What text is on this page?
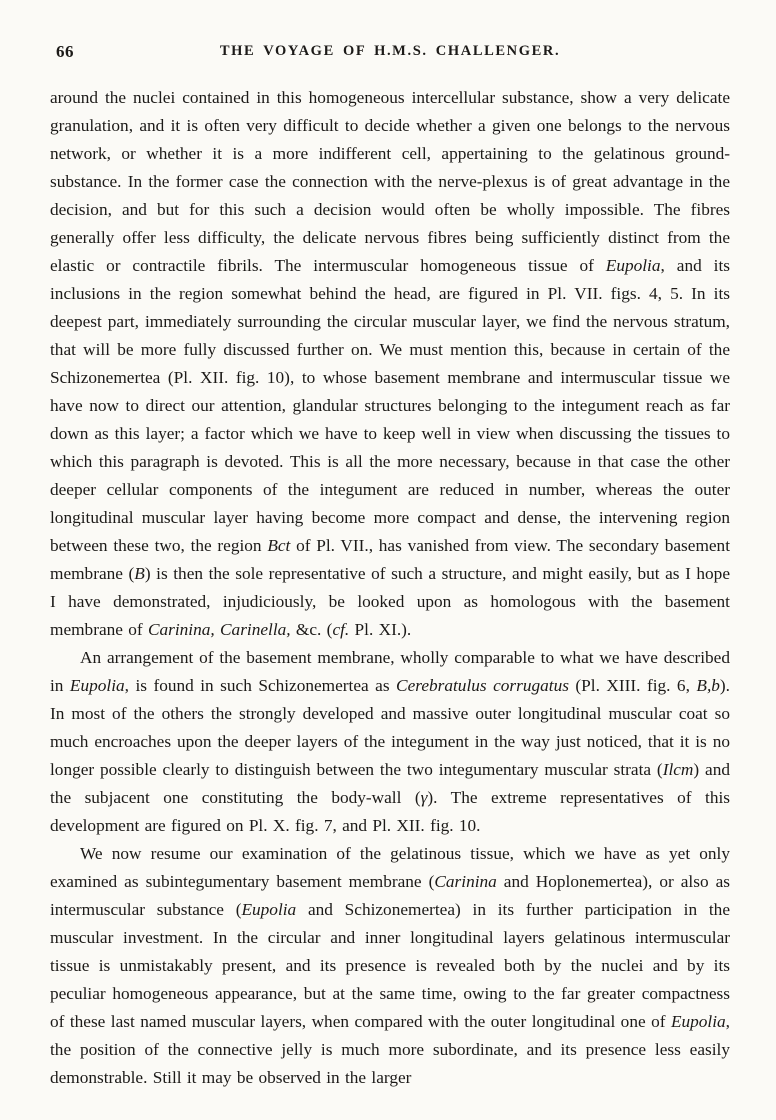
66	THE VOYAGE OF H.M.S. CHALLENGER.

around the nuclei contained in this homogeneous intercellular substance, show a very delicate granulation, and it is often very difficult to decide whether a given one belongs to the nervous network, or whether it is a more indifferent cell, appertaining to the gelatinous ground-substance. In the former case the connection with the nerve-plexus is of great advantage in the decision, and but for this such a decision would often be wholly impossible. The fibres generally offer less difficulty, the delicate nervous fibres being sufficiently distinct from the elastic or contractile fibrils. The intermuscular homogeneous tissue of Eupolia, and its inclusions in the region somewhat behind the head, are figured in Pl. VII. figs. 4, 5. In its deepest part, immediately surrounding the circular muscular layer, we find the nervous stratum, that will be more fully discussed further on. We must mention this, because in certain of the Schizonemertea (Pl. XII. fig. 10), to whose basement membrane and intermuscular tissue we have now to direct our attention, glandular structures belonging to the integument reach as far down as this layer; a factor which we have to keep well in view when discussing the tissues to which this paragraph is devoted. This is all the more necessary, because in that case the other deeper cellular components of the integument are reduced in number, whereas the outer longitudinal muscular layer having become more compact and dense, the intervening region between these two, the region Bct of Pl. VII., has vanished from view. The secondary basement membrane (B) is then the sole representative of such a structure, and might easily, but as I hope I have demonstrated, injudiciously, be looked upon as homologous with the basement membrane of Carinina, Carinella, &c. (cf. Pl. XI.).

An arrangement of the basement membrane, wholly comparable to what we have described in Eupolia, is found in such Schizonemertea as Cerebratulus corrugatus (Pl. XIII. fig. 6, B,b). In most of the others the strongly developed and massive outer longitudinal muscular coat so much encroaches upon the deeper layers of the integument in the way just noticed, that it is no longer possible clearly to distinguish between the two integumentary muscular strata (Ilcm) and the subjacent one constituting the body-wall (γ). The extreme representatives of this development are figured on Pl. X. fig. 7, and Pl. XII. fig. 10.

We now resume our examination of the gelatinous tissue, which we have as yet only examined as subintegumentary basement membrane (Carinina and Hoplonemertea), or also as intermuscular substance (Eupolia and Schizonemertea) in its further participation in the muscular investment. In the circular and inner longitudinal layers gelatinous intermuscular tissue is unmistakably present, and its presence is revealed both by the nuclei and by its peculiar homogeneous appearance, but at the same time, owing to the far greater compactness of these last named muscular layers, when compared with the outer longitudinal one of Eupolia, the position of the connective jelly is much more subordinate, and its presence less easily demonstrable. Still it may be observed in the larger
